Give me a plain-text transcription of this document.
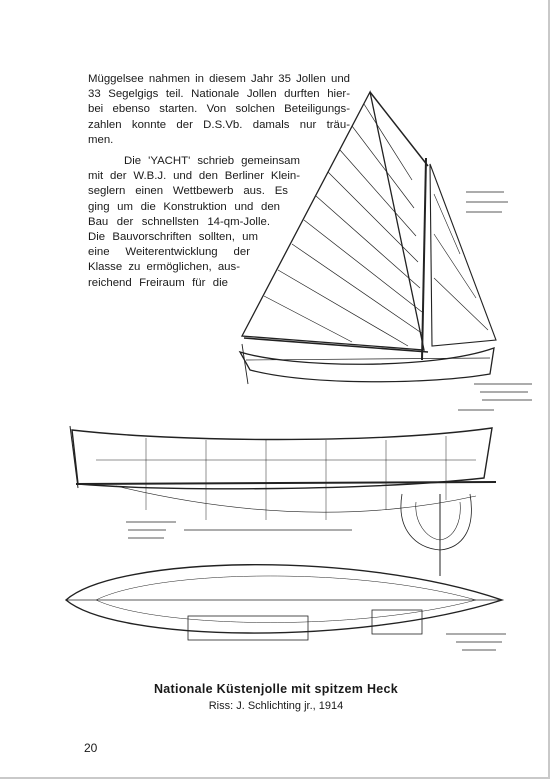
Müggelsee nahmen in diesem Jahr 35 Jollen und
33 Segelgigs teil. Nationale Jollen durften hier-
bei ebenso starten. Von solchen Beteiligungs-
zahlen konnte der D.S.Vb. damals nur träu-
men.

Die 'YACHT' schrieb gemeinsam
mit der W.B.J. und den Berliner Klein-
seglern einen Wettbewerb aus. Es
ging um die Konstruktion und den
Bau der schnellsten 14-qm-Jolle.
Die Bauvorschriften sollten, um
eine Weiterentwicklung der
Klasse zu ermöglichen, aus-
reichend Freiraum für die

Nationale Küstenjolle mit spitzem Heck
Riss: J. Schlichting jr., 1914
20
